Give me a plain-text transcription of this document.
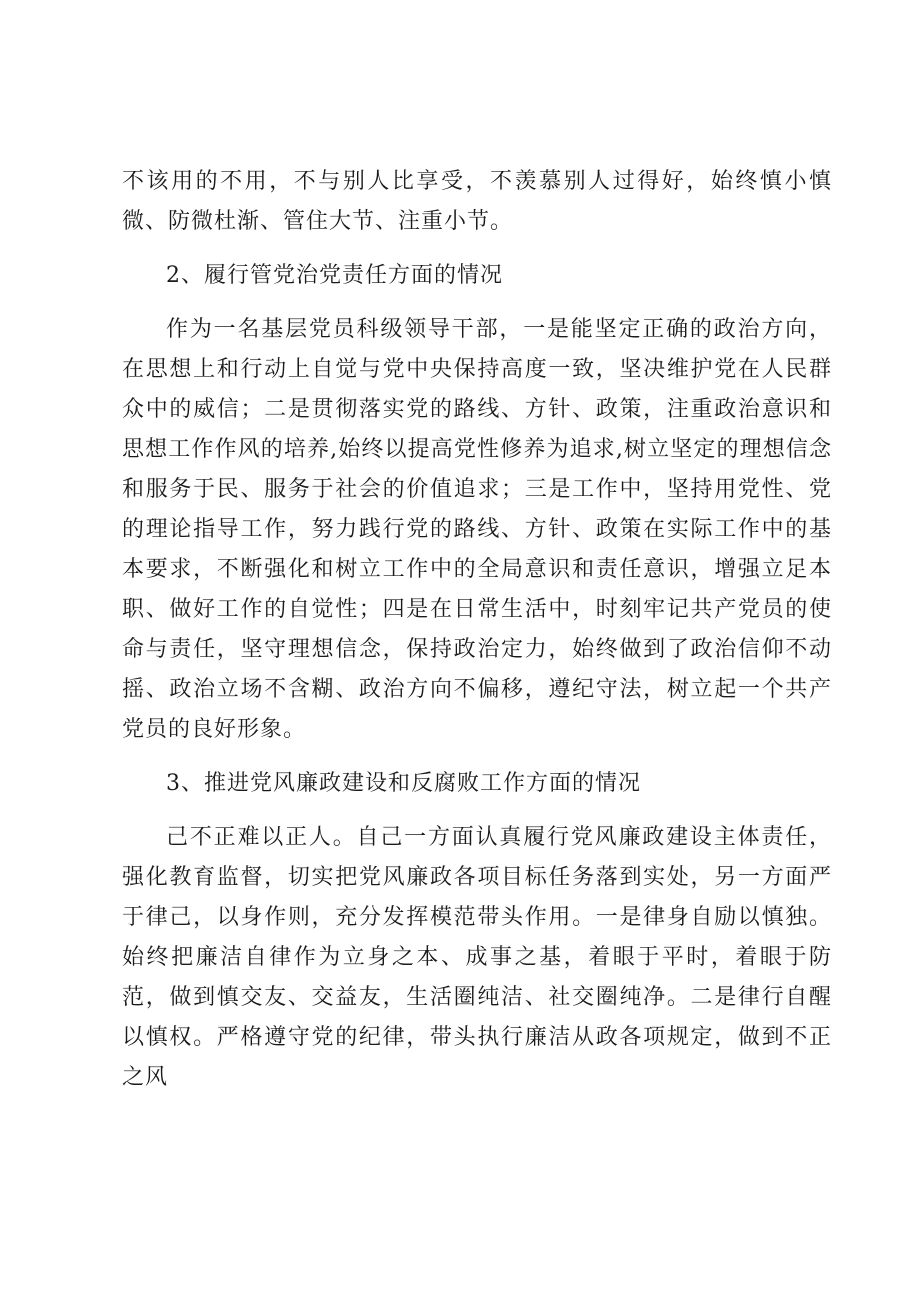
不该用的不用，不与别人比享受，不羡慕别人过得好，始终慎小慎微、防微杜渐、管住大节、注重小节。

2、履行管党治党责任方面的情况

作为一名基层党员科级领导干部，一是能坚定正确的政治方向，在思想上和行动上自觉与党中央保持高度一致，坚决维护党在人民群众中的威信；二是贯彻落实党的路线、方针、政策，注重政治意识和思想工作作风的培养,始终以提高党性修养为追求,树立坚定的理想信念和服务于民、服务于社会的价值追求；三是工作中，坚持用党性、党的理论指导工作，努力践行党的路线、方针、政策在实际工作中的基本要求，不断强化和树立工作中的全局意识和责任意识，增强立足本职、做好工作的自觉性；四是在日常生活中，时刻牢记共产党员的使命与责任，坚守理想信念，保持政治定力，始终做到了政治信仰不动摇、政治立场不含糊、政治方向不偏移，遵纪守法，树立起一个共产党员的良好形象。

3、推进党风廉政建设和反腐败工作方面的情况

己不正难以正人。自己一方面认真履行党风廉政建设主体责任，强化教育监督，切实把党风廉政各项目标任务落到实处，另一方面严于律己，以身作则，充分发挥模范带头作用。一是律身自励以慎独。始终把廉洁自律作为立身之本、成事之基，着眼于平时，着眼于防范，做到慎交友、交益友，生活圈纯洁、社交圈纯净。二是律行自醒以慎权。严格遵守党的纪律，带头执行廉洁从政各项规定，做到不正之风
